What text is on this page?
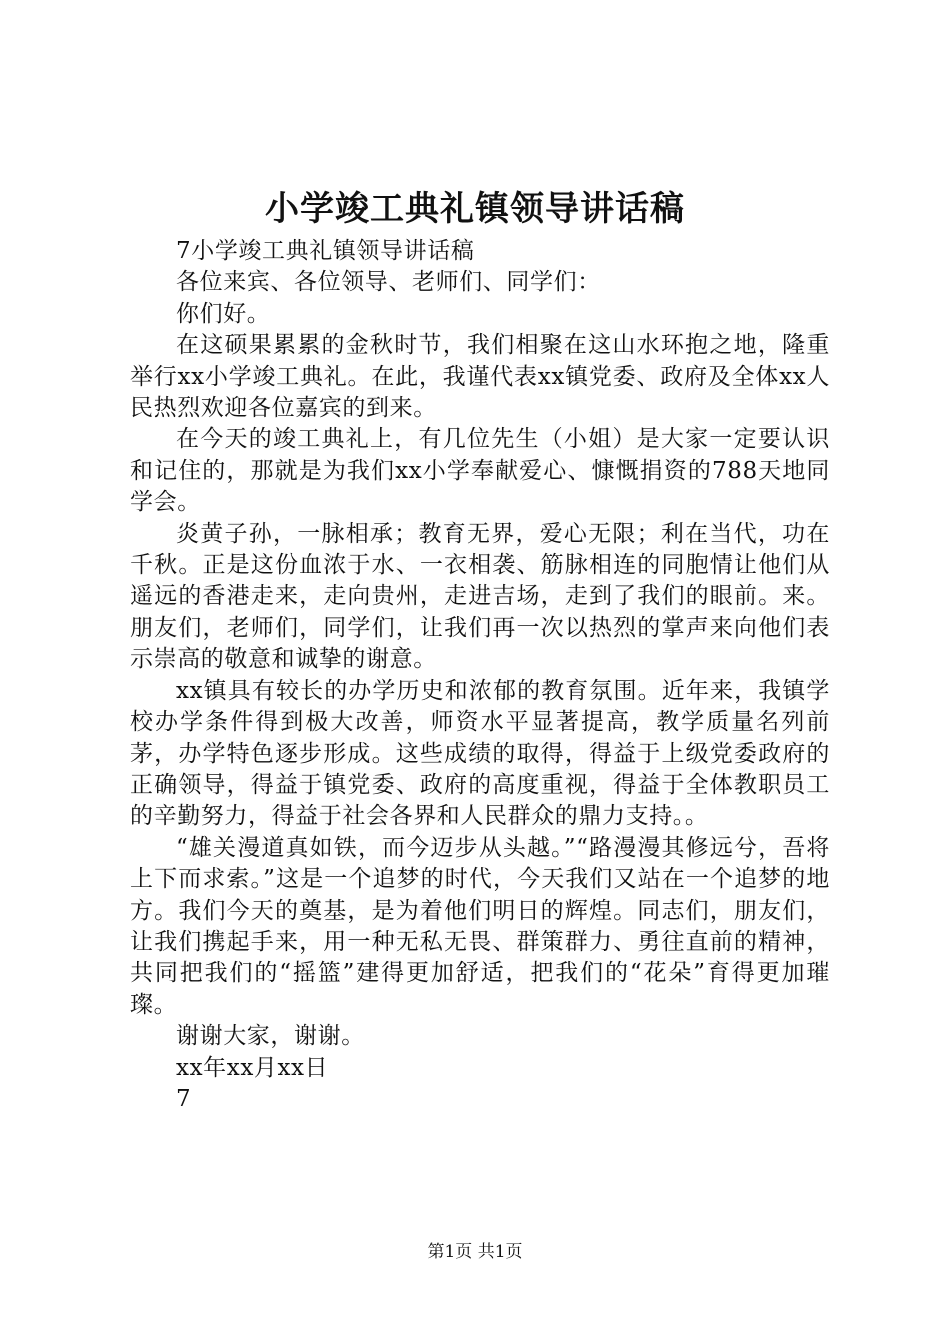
小学竣工典礼镇领导讲话稿

7小学竣工典礼镇领导讲话稿

各位来宾、各位领导、老师们、同学们：

你们好。

在这硕果累累的金秋时节，我们相聚在这山水环抱之地，隆重举行xx小学竣工典礼。在此，我谨代表xx镇党委、政府及全体xx人民热烈欢迎各位嘉宾的到来。

在今天的竣工典礼上，有几位先生（小姐）是大家一定要认识和记住的，那就是为我们xx小学奉献爱心、慷慨捐资的788天地同学会。

炎黄子孙，一脉相承；教育无界，爱心无限；利在当代，功在千秋。正是这份血浓于水、一衣相袭、筋脉相连的同胞情让他们从遥远的香港走来，走向贵州，走进吉场，走到了我们的眼前。来。朋友们，老师们，同学们，让我们再一次以热烈的掌声来向他们表示崇高的敬意和诚挚的谢意。

xx镇具有较长的办学历史和浓郁的教育氛围。近年来，我镇学校办学条件得到极大改善，师资水平显著提高，教学质量名列前茅，办学特色逐步形成。这些成绩的取得，得益于上级党委政府的正确领导，得益于镇党委、政府的高度重视，得益于全体教职员工的辛勤努力，得益于社会各界和人民群众的鼎力支持。。

“雄关漫道真如铁，而今迈步从头越。”“路漫漫其修远兮，吾将上下而求索。”这是一个追梦的时代，今天我们又站在一个追梦的地方。我们今天的奠基，是为着他们明日的辉煌。同志们，朋友们，让我们携起手来，用一种无私无畏、群策群力、勇往直前的精神，共同把我们的“摇篮”建得更加舒适，把我们的“花朵”育得更加璀璨。

谢谢大家，谢谢。

xx年xx月xx日

7

第1页 共1页
